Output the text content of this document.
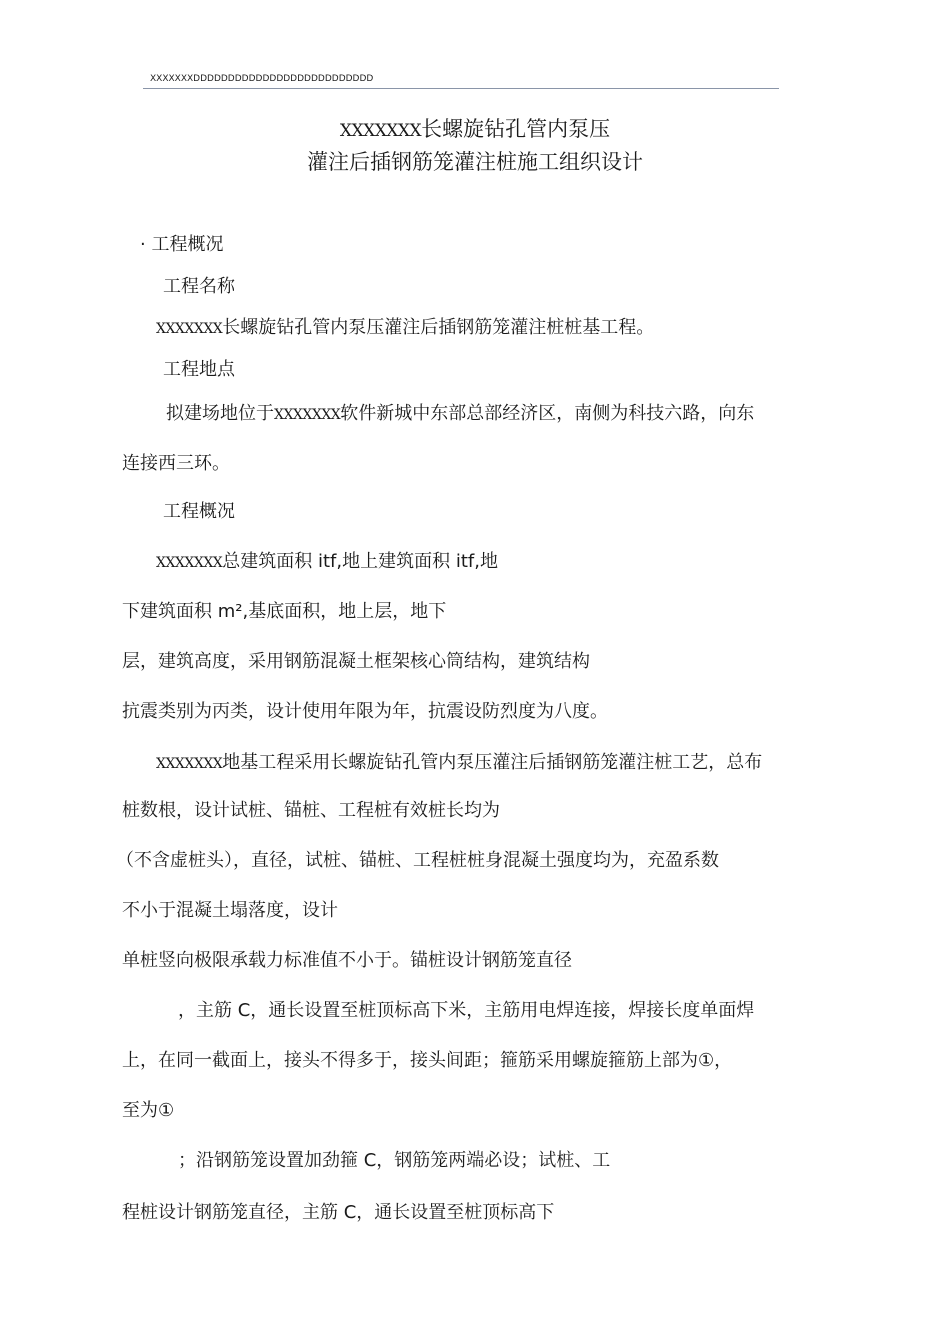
XXXXXXXDDDDDDDDDDDDDDDDDDDDDDDDDD
XXXXXXX长螺旋钻孔管内泵压
灌注后插钢筋笼灌注桩施工组织设计
· 工程概况
工程名称
XXXXXXX长螺旋钻孔管内泵压灌注后插钢筋笼灌注桩桩基工程。
工程地点
拟建场地位于XXXXXXX软件新城中东部总部经济区，南侧为科技六路，向东
连接西三环。
工程概况
XXXXXXX总建筑面积 itf,地上建筑面积 itf,地
下建筑面积 m²,基底面积，地上层，地下
层，建筑高度，采用钢筋混凝土框架核心筒结构，建筑结构
抗震类别为丙类，设计使用年限为年，抗震设防烈度为八度。
XXXXXXX地基工程采用长螺旋钻孔管内泵压灌注后插钢筋笼灌注桩工艺，总布
桩数根，设计试桩、锚桩、工程桩有效桩长均为
（不含虚桩头），直径，试桩、锚桩、工程桩桩身混凝土强度均为，充盈系数
不小于混凝土塌落度，设计
单桩竖向极限承载力标准值不小于。锚桩设计钢筋笼直径
，主筋 C，通长设置至桩顶标高下米，主筋用电焊连接，焊接长度单面焊
上，在同一截面上，接头不得多于，接头间距；箍筋采用螺旋箍筋上部为①，
至为①
；沿钢筋笼设置加劲箍 C，钢筋笼两端必设；试桩、工
程桩设计钢筋笼直径，主筋 C，通长设置至桩顶标高下
